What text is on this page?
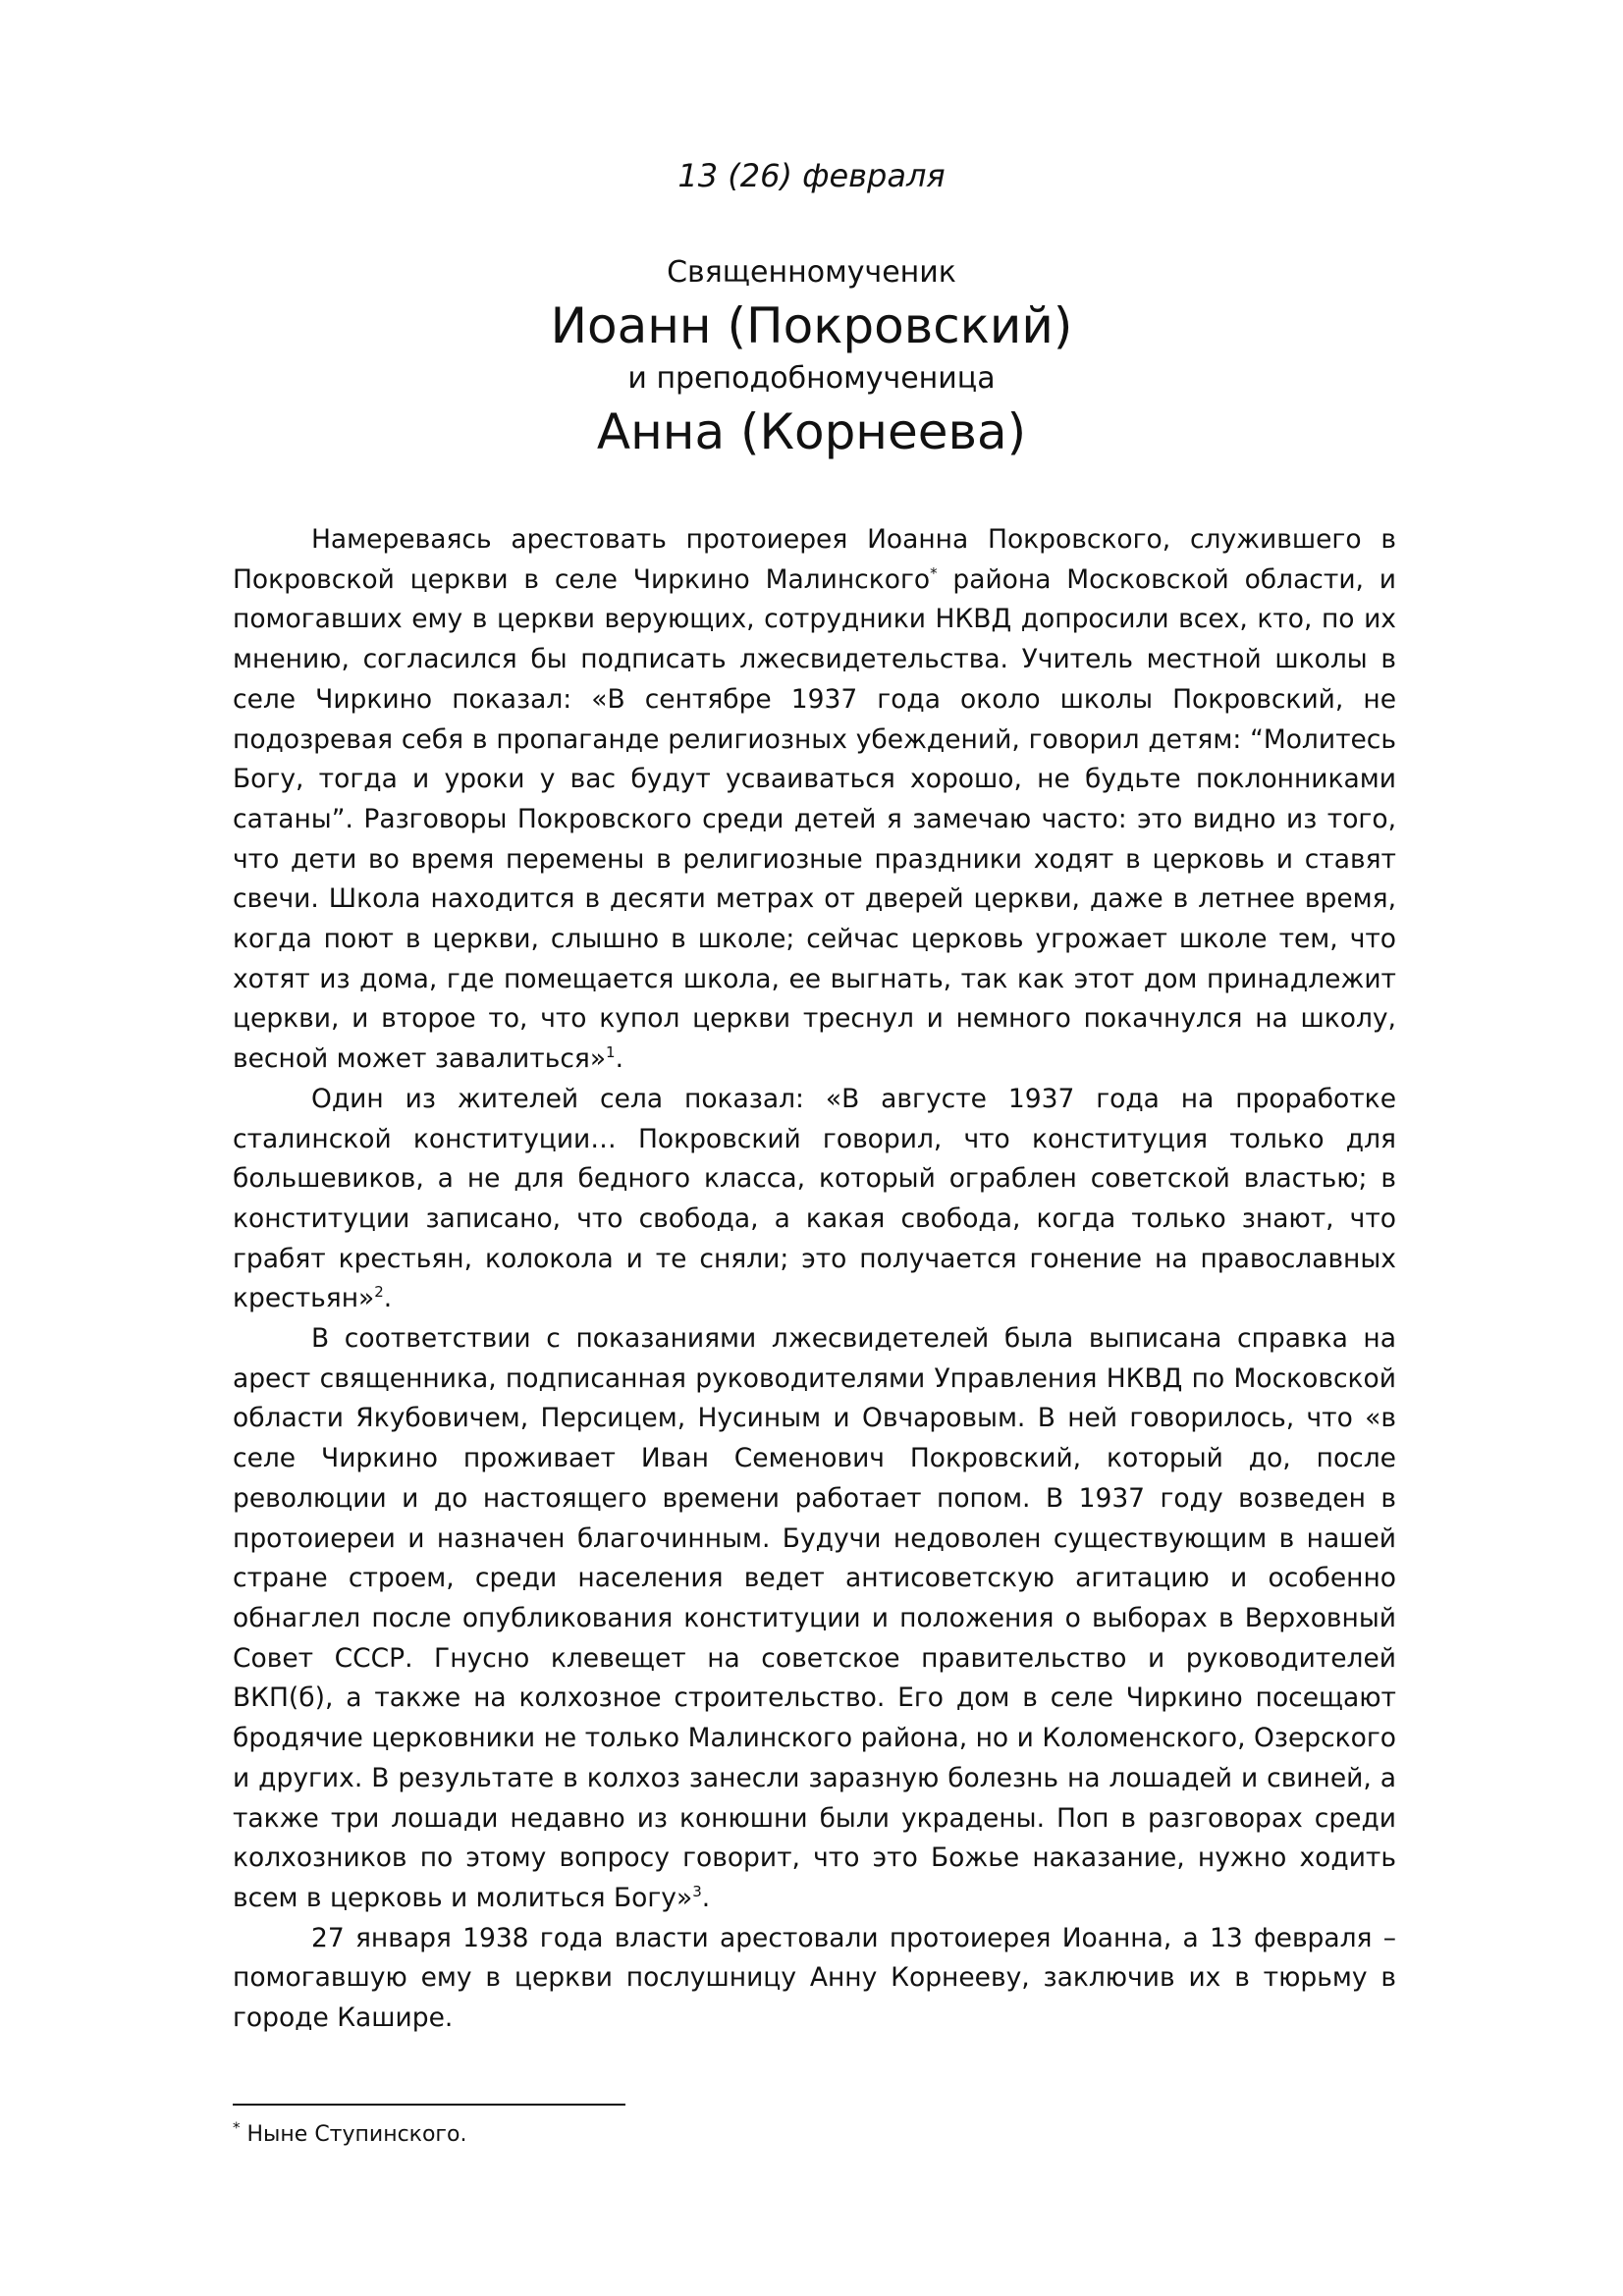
13 (26) февраля

Священномученик

Иоанн (Покровский)

и преподобномученица

Анна (Корнеева)

Намереваясь арестовать протоиерея Иоанна Покровского, служившего в Покровской церкви в селе Чиркино Малинского* района Московской области, и помогавших ему в церкви верующих, сотрудники НКВД допросили всех, кто, по их мнению, согласился бы подписать лжесвидетельства. Учитель местной школы в селе Чиркино показал: «В сентябре 1937 года около школы Покровский, не подозревая себя в пропаганде религиозных убеждений, говорил детям: “Молитесь Богу, тогда и уроки у вас будут усваиваться хорошо, не будьте поклонниками сатаны”. Разговоры Покровского среди детей я замечаю часто: это видно из того, что дети во время перемены в религиозные праздники ходят в церковь и ставят свечи. Школа находится в десяти метрах от дверей церкви, даже в летнее время, когда поют в церкви, слышно в школе; сейчас церковь угрожает школе тем, что хотят из дома, где помещается школа, ее выгнать, так как этот дом принадлежит церкви, и второе то, что купол церкви треснул и немного покачнулся на школу, весной может завалиться»$^1$.

Один из жителей села показал: «В августе 1937 года на проработке сталинской конституции… Покровский говорил, что конституция только для большевиков, а не для бедного класса, который ограблен советской властью; в конституции записано, что свобода, а какая свобода, когда только знают, что грабят крестьян, колокола и те сняли; это получается гонение на православных крестьян»$^2$.

В соответствии с показаниями лжесвидетелей была выписана справка на арест священника, подписанная руководителями Управления НКВД по Московской области Якубовичем, Персицем, Нусиным и Овчаровым. В ней говорилось, что «в селе Чиркино проживает Иван Семенович Покровский, который до, после революции и до настоящего времени работает попом. В 1937 году возведен в протоиереи и назначен благочинным. Будучи недоволен существующим в нашей стране строем, среди населения ведет антисоветскую агитацию и особенно обнаглел после опубликования конституции и положения о выборах в Верховный Совет СССР. Гнусно клевещет на советское правительство и руководителей ВКП(б), а также на колхозное строительство. Его дом в селе Чиркино посещают бродячие церковники не только Малинского района, но и Коломенского, Озерского и других. В результате в колхоз занесли заразную болезнь на лошадей и свиней, а также три лошади недавно из конюшни были украдены. Поп в разговорах среди колхозников по этому вопросу говорит, что это Божье наказание, нужно ходить всем в церковь и молиться Богу»$^3$.

27 января 1938 года власти арестовали протоиерея Иоанна, а 13 февраля – помогавшую ему в церкви послушницу Анну Корнееву, заключив их в тюрьму в городе Кашире.

* Ныне Ступинского.
